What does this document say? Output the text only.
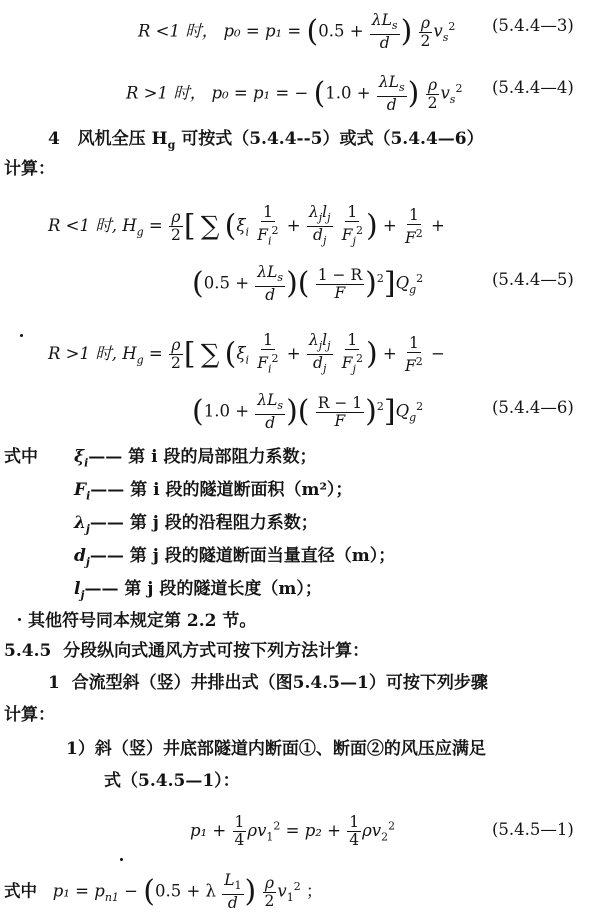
R <1 时， $p_0 = p_1 = (0.5 + \frac{\lambda L_s}{d}$ ) $\frac{\rho}{2} v_s^2$ (5.4.4—3)
R >1 时， p₀ = p₁ = − ($1.0 + \frac{\lambda L_s}{d}$ ) $\frac{\rho}{2} v_s^2$ (5.4.4—4)
4 风机全压 $H_g$ 可按式（5.4.4--5）或式（5.4.4—6）
计算：
R <1 时, $H_g = \frac{\rho}{2}$ [ ∑ ($\xi_i \frac{1}{F_i^2} + \frac{\lambda_jl_j}{d_j}$
$\frac{1}{F_j^2}$ ) + $\frac{1}{F^2}$ +
($0.5 + \frac{\lambda L_s}{d}$ )( $\frac{1 - R}{F} )^2]Q_g^2$	(5.4.4—5)
R >1 时, $H_g = \frac{\rho}{2}$ [ ∑ ($\xi_i \frac{1}{F_i^2} + \frac{\lambda_jl_j}{d_j}$
$\frac{1}{F_j^2}$ ) + $\frac{1}{F^2}$ −
($1.0 + \frac{\lambda L_s}{d}$ )( $\frac{R - 1}{F} )^2]Q_g^2$	(5.4.4—6)
式中 $\xi_i——$ 第 i 段的局部阻力系数；
$F_i——$ 第 i 段的隧道断面积（m²）；
$\lambda_j——$ 第 j 段的沿程阻力系数；
$d_j——$ 第 j 段的隧道断面当量直径（m）；
$l_j——$ 第 j 段的隧道长度（m）；
其他符号同本规定第 2.2 节。
5.4.5 分段纵向式通风方式可按下列方法计算：
1 合流型斜（竖）井排出式（图5.4.5—1）可按下列步骤
计算：
1）斜（竖）井底部隧道内断面①、断面②的风压应满足
式（5.4.5—1）：
$p_1 + \frac{1}{4} \rho v_1^2 = p_2 + \frac{1}{4} \rho v_2^2$	(5.4.5—1)
式中 $p_1 = p_{n1} - (0.5 + \lambda \frac{L_1}{d}$ ) $\frac{\rho}{2} v_1^2$ ；
